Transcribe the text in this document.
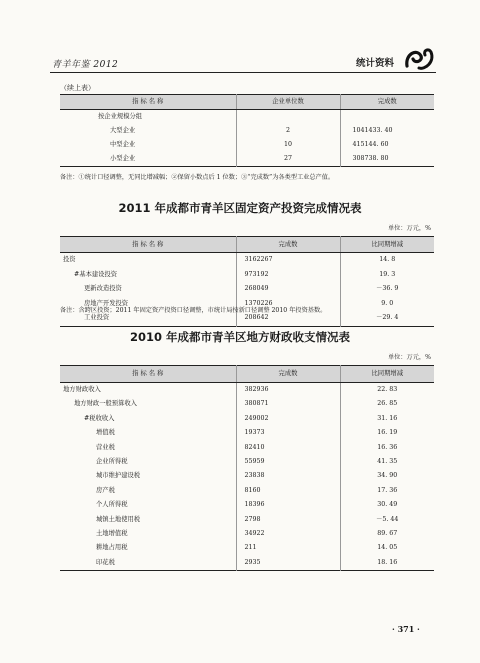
青羊年鉴 2012	统计资料
（续上表）
指 标 名 称	企业单位数	完成数
按企业规模分组		
大型企业	2	1041433. 40
中型企业	10	415144. 60
小型企业	27	308738. 80
备注：①统计口径调整，无同比增减幅；②保留小数点后 1 位数；③“完成数”为各类型工业总产值。
2011 年成都市青羊区固定资产投资完成情况表
单位：万元，%
指 标 名 称	完成数	比同期增减
投资	3162267	14. 8
#基本建设投资	973192	19. 3
更新改造投资	268049	－36. 9
房地产开发投资	1370226	9. 0
工业投资	208642	－29. 4
备注：含跨区投资；2011 年固定资产投资口径调整，市统计局按新口径调整 2010 年投资基数。
2010 年成都市青羊区地方财政收支情况表
单位：万元，%
指 标 名 称	完成数	比同期增减
地方财政收入	382936	22. 83
地方财政一般预算收入	380871	26. 85
#税收收入	249002	31. 16
增值税	19373	16. 19
营业税	82410	16. 36
企业所得税	55959	41. 35
城市维护建设税	23838	34. 90
房产税	8160	17. 36
个人所得税	18396	30. 49
城镇土地使用税	2798	－5. 44
土地增值税	34922	89. 67
耕地占用税	211	14. 05
印花税	2935	18. 16
· 371 ·
